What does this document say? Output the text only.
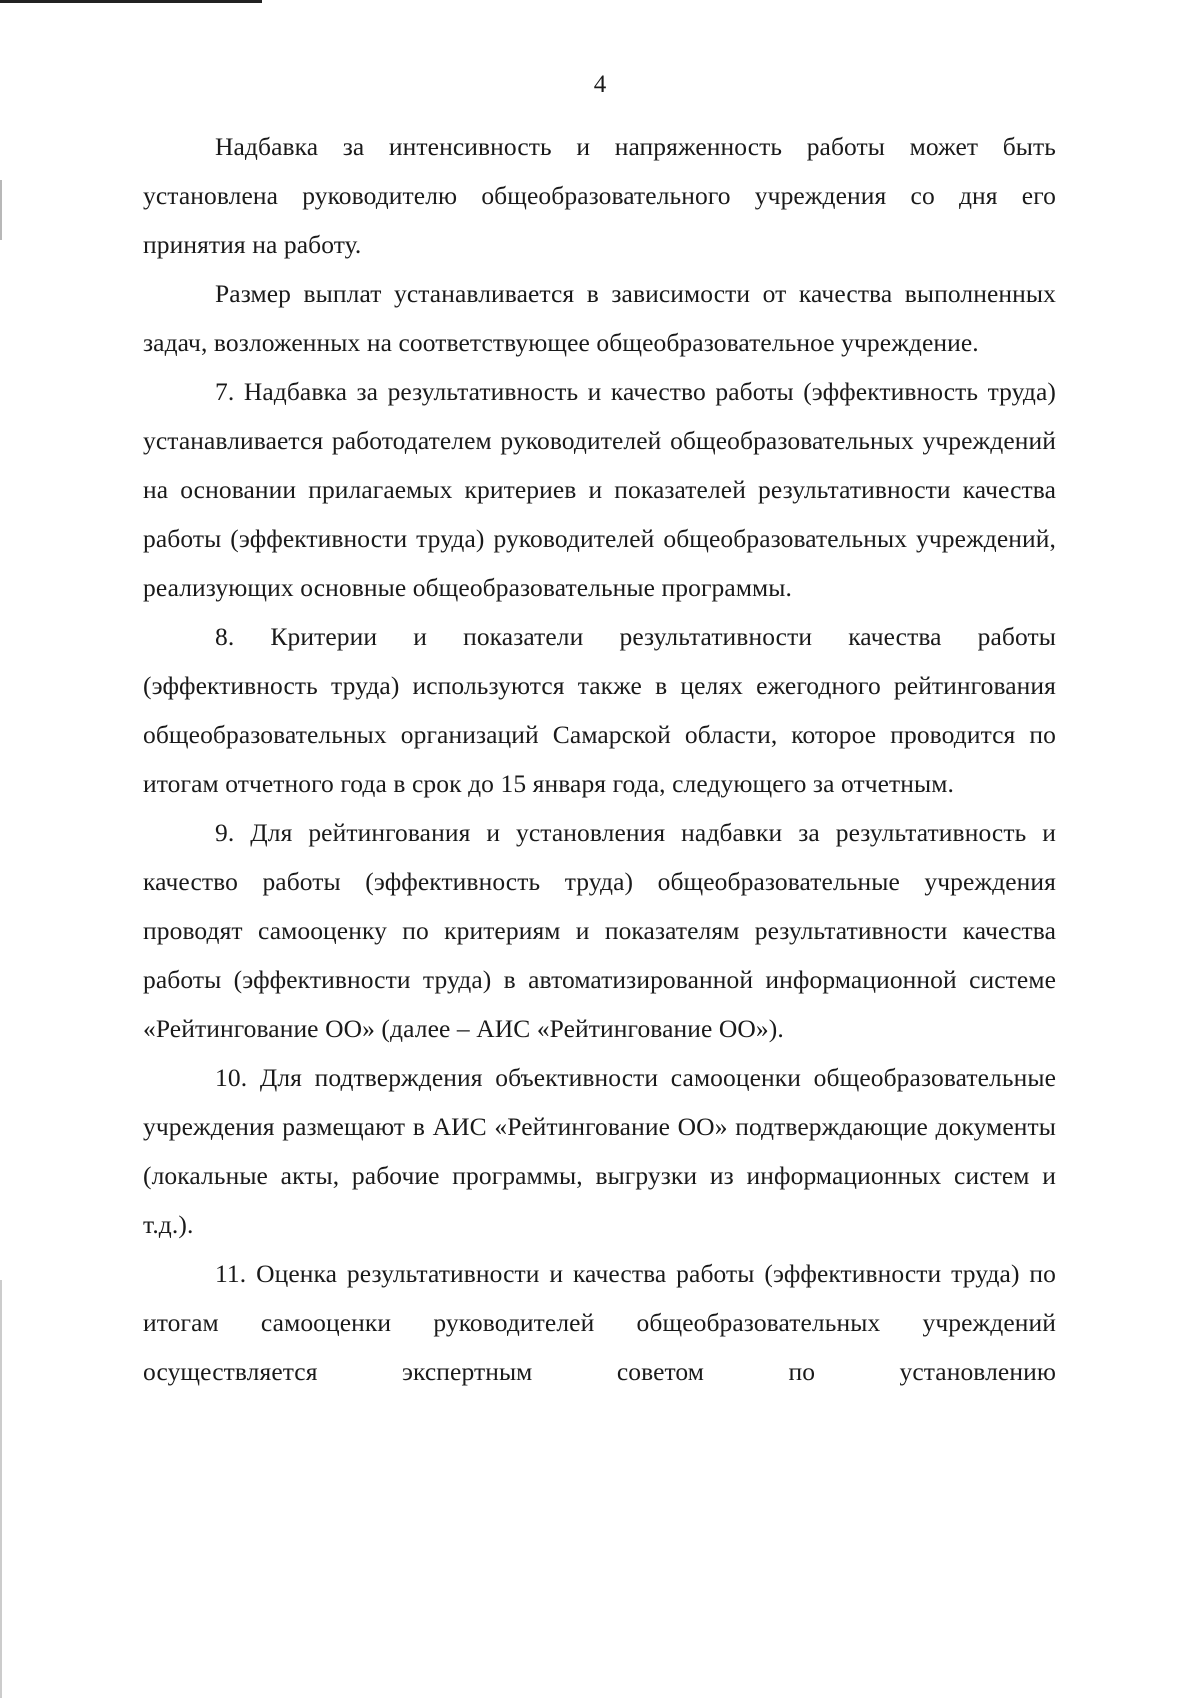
4

Надбавка за интенсивность и напряженность работы может быть установлена руководителю общеобразовательного учреждения со дня его принятия на работу.

Размер выплат устанавливается в зависимости от качества выполненных задач, возложенных на соответствующее общеобразовательное учреждение.

7. Надбавка за результативность и качество работы (эффективность труда) устанавливается работодателем руководителей общеобразовательных учреждений на основании прилагаемых критериев и показателей результативности качества работы (эффективности труда) руководителей общеобразовательных учреждений, реализующих основные общеобразовательные программы.

8. Критерии и показатели результативности качества работы (эффективность труда) используются также в целях ежегодного рейтингования общеобразовательных организаций Самарской области, которое проводится по итогам отчетного года в срок до 15 января года, следующего за отчетным.

9. Для рейтингования и установления надбавки за результативность и качество работы (эффективность труда) общеобразовательные учреждения проводят самооценку по критериям и показателям результативности качества работы (эффективности труда) в автоматизированной информационной системе «Рейтингование ОО» (далее – АИС «Рейтингование ОО»).

10. Для подтверждения объективности самооценки общеобразовательные учреждения размещают в АИС «Рейтингование ОО» подтверждающие документы (локальные акты, рабочие программы, выгрузки из информационных систем и т.д.).

11. Оценка результативности и качества работы (эффективности труда) по итогам самооценки руководителей общеобразовательных учреждений осуществляется экспертным советом по установлению
